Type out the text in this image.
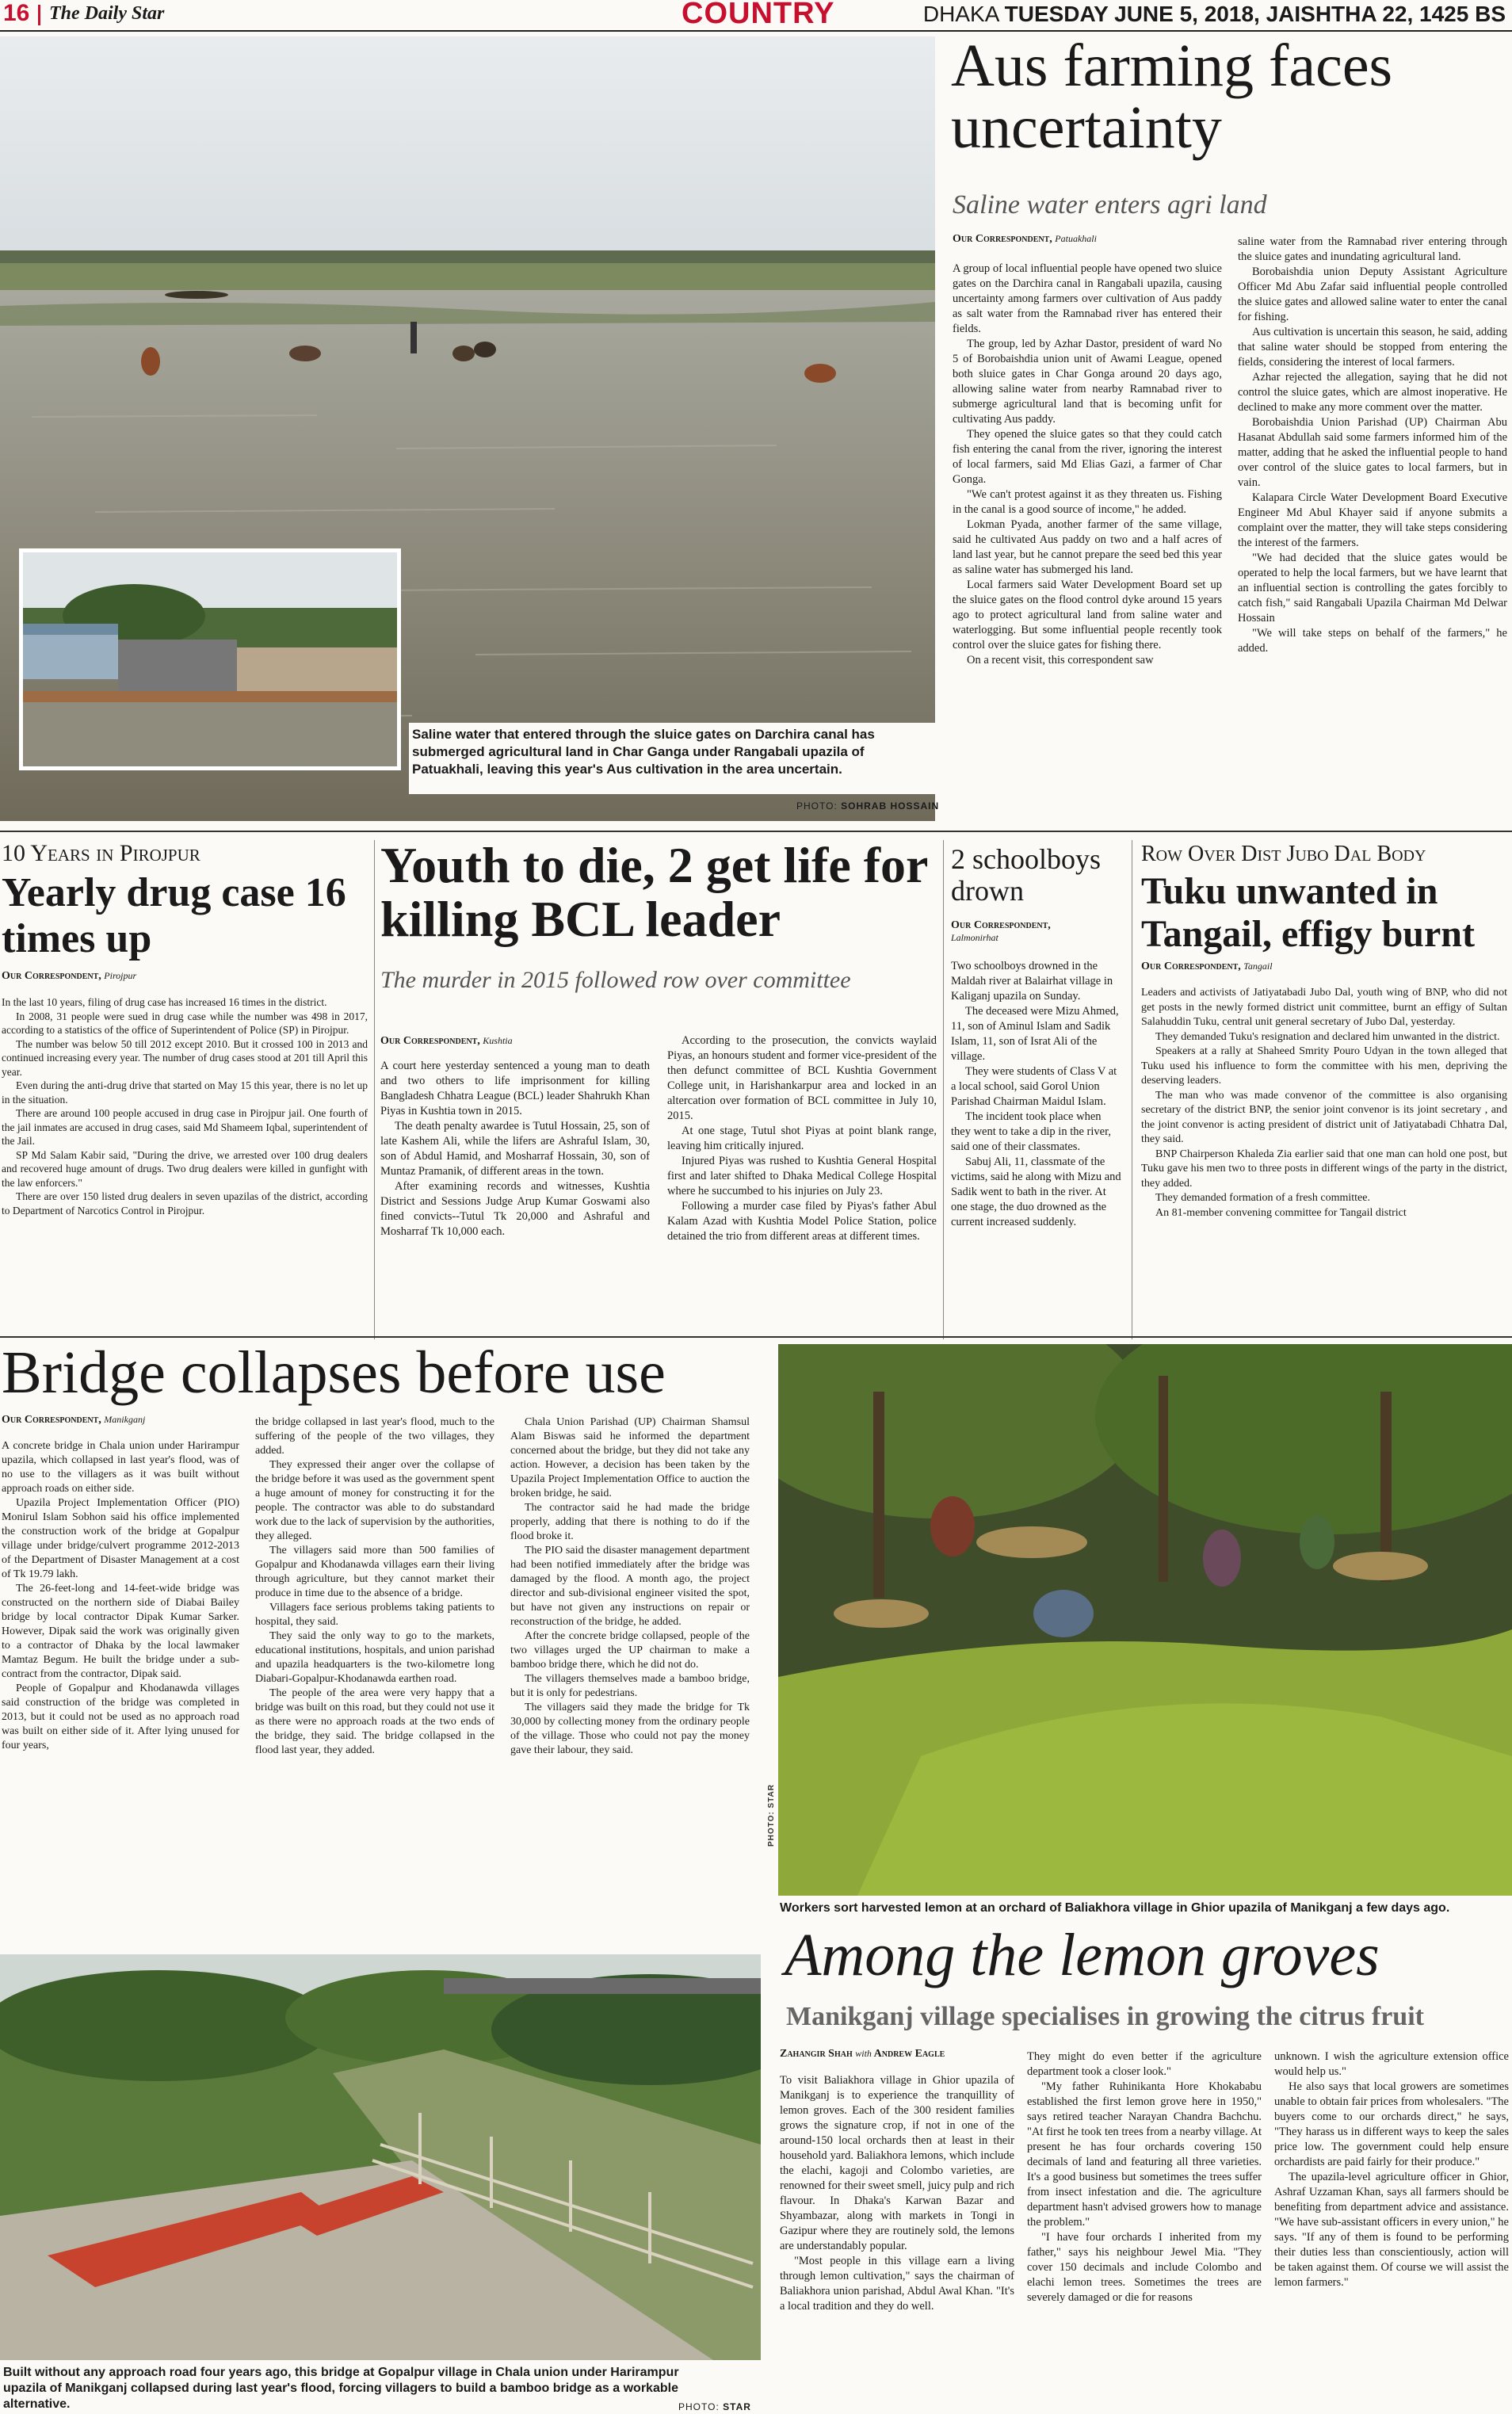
16 The Daily Star	COUNTRY	DHAKA TUESDAY JUNE 5, 2018, JAISHTHA 22, 1425 BS
Saline water that entered through the sluice gates on Darchira canal has submerged agricultural land in Char Ganga under Rangabali upazila of Patuakhali, leaving this year's Aus cultivation in the area uncertain.
PHOTO: SOHRAB HOSSAIN
Aus farming faces uncertainty
Saline water enters agri land
Our Correspondent, Patuakhali

A group of local influential people have opened two sluice gates on the Darchira canal in Rangabali upazila, causing uncertainty among farmers over cultivation of Aus paddy as salt water from the Ramnabad river has entered their fields.

The group, led by Azhar Dastor, president of ward No 5 of Borobaishdia union unit of Awami League, opened both sluice gates in Char Gonga around 20 days ago, allowing saline water from nearby Ramnabad river to submerge agricultural land that is becoming unfit for cultivating Aus paddy.

They opened the sluice gates so that they could catch fish entering the canal from the river, ignoring the interest of local farmers, said Md Elias Gazi, a farmer of Char Gonga.

"We can't protest against it as they threaten us. Fishing in the canal is a good source of income," he added.

Lokman Pyada, another farmer of the same village, said he cultivated Aus paddy on two and a half acres of land last year, but he cannot prepare the seed bed this year as saline water has submerged his land.

Local farmers said Water Development Board set up the sluice gates on the flood control dyke around 15 years ago to protect agricultural land from saline water and waterlogging. But some influential people recently took control over the sluice gates for fishing there.

On a recent visit, this correspondent saw

saline water from the Ramnabad river entering through the sluice gates and inundating agricultural land.

Borobaishdia union Deputy Assistant Agriculture Officer Md Abu Zafar said influential people controlled the sluice gates and allowed saline water to enter the canal for fishing.

Aus cultivation is uncertain this season, he said, adding that saline water should be stopped from entering the fields, considering the interest of local farmers.

Azhar rejected the allegation, saying that he did not control the sluice gates, which are almost inoperative. He declined to make any more comment over the matter.

Borobaishdia Union Parishad (UP) Chairman Abu Hasanat Abdullah said some farmers informed him of the matter, adding that he asked the influential people to hand over control of the sluice gates to local farmers, but in vain.

Kalapara Circle Water Development Board Executive Engineer Md Abul Khayer said if anyone submits a complaint over the matter, they will take steps considering the interest of the farmers.

"We had decided that the sluice gates would be operated to help the local farmers, but we have learnt that an influential section is controlling the gates forcibly to catch fish," said Rangabali Upazila Chairman Md Delwar Hossain

"We will take steps on behalf of the farmers," he added.

10 Years in Pirojpur
Yearly drug case 16 times up
Our Correspondent, Pirojpur

In the last 10 years, filing of drug case has increased 16 times in the district.

In 2008, 31 people were sued in drug case while the number was 498 in 2017, according to a statistics of the office of Superintendent of Police (SP) in Pirojpur.

The number was below 50 till 2012 except 2010. But it crossed 100 in 2013 and continued increasing every year. The number of drug cases stood at 201 till April this year.

Even during the anti-drug drive that started on May 15 this year, there is no let up in the situation.

There are around 100 people accused in drug case in Pirojpur jail. One fourth of the jail inmates are accused in drug cases, said Md Shameem Iqbal, superintendent of the Jail.

SP Md Salam Kabir said, "During the drive, we arrested over 100 drug dealers and recovered huge amount of drugs. Two drug dealers were killed in gunfight with the law enforcers."

There are over 150 listed drug dealers in seven upazilas of the district, according to Department of Narcotics Control in Pirojpur.

Youth to die, 2 get life for killing BCL leader
The murder in 2015 followed row over committee
Our Correspondent, Kushtia

A court here yesterday sentenced a young man to death and two others to life imprisonment for killing Bangladesh Chhatra League (BCL) leader Shahrukh Khan Piyas in Kushtia town in 2015.

The death penalty awardee is Tutul Hossain, 25, son of late Kashem Ali, while the lifers are Ashraful Islam, 30, son of Abdul Hamid, and Mosharraf Hossain, 30, son of Muntaz Pramanik, of different areas in the town.

After examining records and witnesses, Kushtia District and Sessions Judge Arup Kumar Goswami also fined convicts--Tutul Tk 20,000 and Ashraful and Mosharraf Tk 10,000 each.

According to the prosecution, the convicts waylaid Piyas, an honours student and former vice-president of the then defunct committee of BCL Kushtia Government College unit, in Harishankarpur area and locked in an altercation over formation of BCL committee in July 10, 2015.

At one stage, Tutul shot Piyas at point blank range, leaving him critically injured.

Injured Piyas was rushed to Kushtia General Hospital first and later shifted to Dhaka Medical College Hospital where he succumbed to his injuries on July 23.

Following a murder case filed by Piyas's father Abul Kalam Azad with Kushtia Model Police Station, police detained the trio from different areas at different times.

2 schoolboys drown
Our Correspondent,
Lalmonirhat

Two schoolboys drowned in the Maldah river at Balairhat village in Kaliganj upazila on Sunday.

The deceased were Mizu Ahmed, 11, son of Aminul Islam and Sadik Islam, 11, son of Israt Ali of the village.

They were students of Class V at a local school, said Gorol Union Parishad Chairman Maidul Islam.

The incident took place when they went to take a dip in the river, said one of their classmates.

Sabuj Ali, 11, classmate of the victims, said he along with Mizu and Sadik went to bath in the river. At one stage, the duo drowned as the current increased suddenly.

Row Over Dist Jubo Dal Body
Tuku unwanted in Tangail, effigy burnt
Our Correspondent, Tangail

Leaders and activists of Jatiyatabadi Jubo Dal, youth wing of BNP, who did not get posts in the newly formed district unit committee, burnt an effigy of Sultan Salahuddin Tuku, central unit general secretary of Jubo Dal, yesterday.

They demanded Tuku's resignation and declared him unwanted in the district.

Speakers at a rally at Shaheed Smrity Pouro Udyan in the town alleged that Tuku used his influence to form the committee with his men, depriving the deserving leaders.

The man who was made convenor of the committee is also organising secretary of the district BNP, the senior joint convenor is its joint secretary , and the joint convenor is acting president of district unit of Jatiyatabadi Chhatra Dal, they said.

BNP Chairperson Khaleda Zia earlier said that one man can hold one post, but Tuku gave his men two to three posts in different wings of the party in the district, they added.

They demanded formation of a fresh committee.

An 81-member convening committee for Tangail district

Bridge collapses before use
Our Correspondent, Manikganj

A concrete bridge in Chala union under Harirampur upazila, which collapsed in last year's flood, was of no use to the villagers as it was built without approach roads on either side.

Upazila Project Implementation Officer (PIO) Monirul Islam Sobhon said his office implemented the construction work of the bridge at Gopalpur village under bridge/culvert programme 2012-2013 of the Department of Disaster Management at a cost of Tk 19.79 lakh.

The 26-feet-long and 14-feet-wide bridge was constructed on the northern side of Diabai Bailey bridge by local contractor Dipak Kumar Sarker. However, Dipak said the work was originally given to a contractor of Dhaka by the local lawmaker Mamtaz Begum. He built the bridge under a sub-contract from the contractor, Dipak said.

People of Gopalpur and Khodanawda villages said construction of the bridge was completed in 2013, but it could not be used as no approach road was built on either side of it. After lying unused for four years,

the bridge collapsed in last year's flood, much to the suffering of the people of the two villages, they added.

They expressed their anger over the collapse of the bridge before it was used as the government spent a huge amount of money for constructing it for the people. The contractor was able to do substandard work due to the lack of supervision by the authorities, they alleged.

The villagers said more than 500 families of Gopalpur and Khodanawda villages earn their living through agriculture, but they cannot market their produce in time due to the absence of a bridge.

Villagers face serious problems taking patients to hospital, they said.

They said the only way to go to the markets, educational institutions, hospitals, and union parishad and upazila headquarters is the two-kilometre long Diabari-Gopalpur-Khodanawda earthen road.

The people of the area were very happy that a bridge was built on this road, but they could not use it as there were no approach roads at the two ends of the bridge, they said. The bridge collapsed in the flood last year, they added.

Chala Union Parishad (UP) Chairman Shamsul Alam Biswas said he informed the department concerned about the bridge, but they did not take any action. However, a decision has been taken by the Upazila Project Implementation Office to auction the broken bridge, he said.

The contractor said he had made the bridge properly, adding that there is nothing to do if the flood broke it.

The PIO said the disaster management department had been notified immediately after the bridge was damaged by the flood. A month ago, the project director and sub-divisional engineer visited the spot, but have not given any instructions on repair or reconstruction of the bridge, he added.

After the concrete bridge collapsed, people of the two villages urged the UP chairman to make a bamboo bridge there, which he did not do.

The villagers themselves made a bamboo bridge, but it is only for pedestrians.

The villagers said they made the bridge for Tk 30,000 by collecting money from the ordinary people of the village. Those who could not pay the money gave their labour, they said.

Built without any approach road four years ago, this bridge at Gopalpur village in Chala union under Harirampur upazila of Manikganj collapsed during last year's flood, forcing villagers to build a bamboo bridge as a workable alternative.	PHOTO: STAR
PHOTO: STAR
Workers sort harvested lemon at an orchard of Baliakhora village in Ghior upazila of Manikganj a few days ago.
Among the lemon groves
Manikganj village specialises in growing the citrus fruit
Zahangir Shah with Andrew Eagle

To visit Baliakhora village in Ghior upazila of Manikganj is to experience the tranquillity of lemon groves. Each of the 300 resident families grows the signature crop, if not in one of the around-150 local orchards then at least in their household yard. Baliakhora lemons, which include the elachi, kagoji and Colombo varieties, are renowned for their sweet smell, juicy pulp and rich flavour. In Dhaka's Karwan Bazar and Shyambazar, along with markets in Tongi in Gazipur where they are routinely sold, the lemons are understandably popular.

"Most people in this village earn a living through lemon cultivation," says the chairman of Baliakhora union parishad, Abdul Awal Khan. "It's a local tradition and they do well.

They might do even better if the agriculture department took a closer look."

"My father Ruhinikanta Hore Khokababu established the first lemon grove here in 1950," says retired teacher Narayan Chandra Bachchu. "At first he took ten trees from a nearby village. At present he has four orchards covering 150 decimals of land and featuring all three varieties. It's a good business but sometimes the trees suffer from insect infestation and die. The agriculture department hasn't advised growers how to manage the problem."

"I have four orchards I inherited from my father," says his neighbour Jewel Mia. "They cover 150 decimals and include Colombo and elachi lemon trees. Sometimes the trees are severely damaged or die for reasons

unknown. I wish the agriculture extension office would help us."

He also says that local growers are sometimes unable to obtain fair prices from wholesalers. "The buyers come to our orchards direct," he says, "They harass us in different ways to keep the sales price low. The government could help ensure orchardists are paid fairly for their produce."

The upazila-level agriculture officer in Ghior, Ashraf Uzzaman Khan, says all farmers should be benefiting from department advice and assistance. "We have sub-assistant officers in every union," he says. "If any of them is found to be performing their duties less than conscientiously, action will be taken against them. Of course we will assist the lemon farmers."
